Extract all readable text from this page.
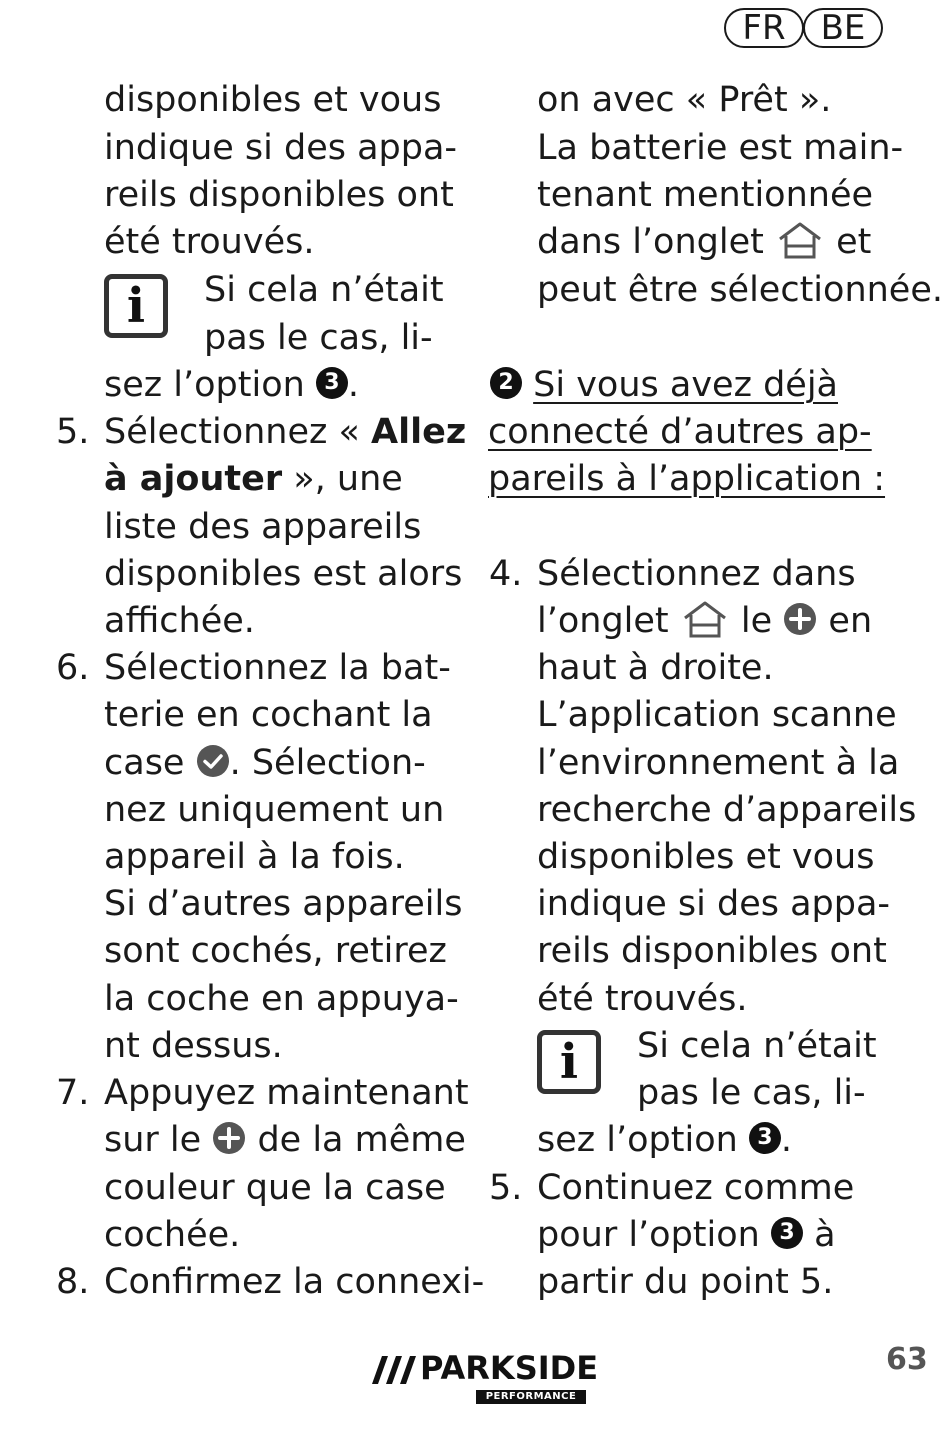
FR	BE
disponibles et vous
indique si des appa-
reils disponibles ont
été trouvés.
i	Si cela n’était
pas le cas, li-
sez l’option 3 .
5. Sélectionnez « Allez
à ajouter », une
liste des appareils
disponibles est alors
affichée.
6. Sélectionnez la bat-
terie en cochant la
case . Sélection-
nez uniquement un
appareil à la fois.
Si d’autres appareils
sont cochés, retirez
la coche en appuya-
nt dessus.
7. Appuyez maintenant
sur le  de la même
couleur que la case
cochée.
8. Confirmez la connexi-
on avec « Prêt ».
La batterie est main-
tenant mentionnée
dans l’onglet  et
peut être sélectionnée.
2 Si vous avez déjà
connecté d’autres ap-
pareils à l’application :
4. Sélectionnez dans
l’onglet  le  en
haut à droite.
L’application scanne
l’environnement à la
recherche d’appareils
disponibles et vous
indique si des appa-
reils disponibles ont
été trouvés.
i	Si cela n’était
pas le cas, li-
sez l’option 3 .
5. Continuez comme
pour l’option 3 à
partir du point 5.
PARKSIDE
PERFORMANCE
63
